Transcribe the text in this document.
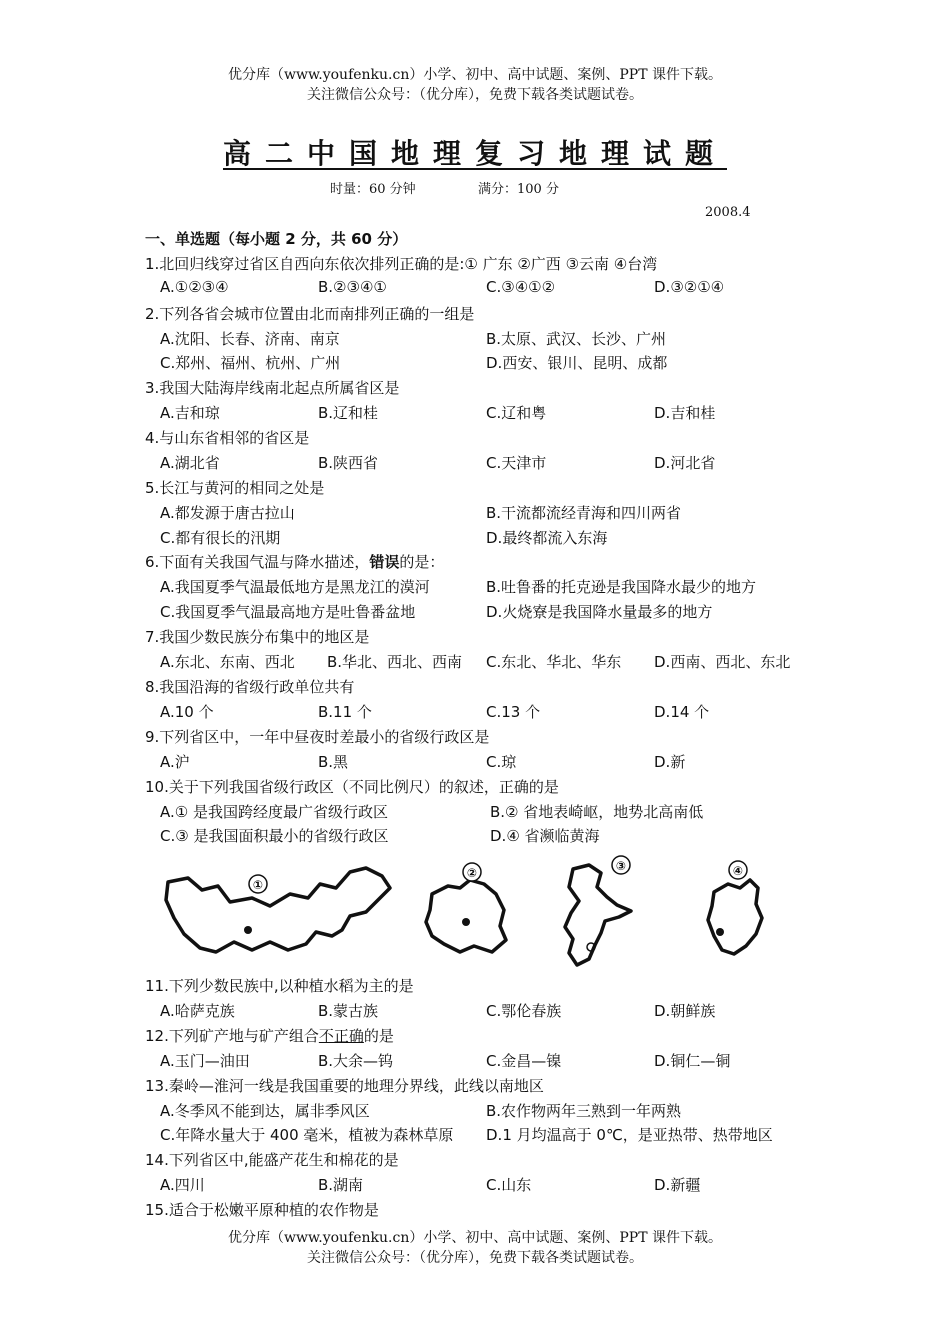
优分库（www.youfenku.cn）小学、初中、高中试题、案例、PPT 课件下载。
关注微信公众号：（优分库），免费下载各类试题试卷。
高二中国地理复习地理试题
时量：60 分钟	满分：100 分
2008.4
一、单选题（每小题 2 分，共 60 分）
1.北回归线穿过省区自西向东依次排列正确的是:① 广东 ②广西 ③云南 ④台湾
A.①②③④	B.②③④①	C.③④①②	D.③②①④
2.下列各省会城市位置由北而南排列正确的一组是
A.沈阳、长春、济南、南京	B.太原、武汉、长沙、广州
C.郑州、福州、杭州、广州	D.西安、银川、昆明、成都
3.我国大陆海岸线南北起点所属省区是
A.吉和琼	B.辽和桂	C.辽和粤	D.吉和桂
4.与山东省相邻的省区是
A.湖北省	B.陕西省	C.天津市	D.河北省
5.长江与黄河的相同之处是
A.都发源于唐古拉山	B.干流都流经青海和四川两省
C.都有很长的汛期	D.最终都流入东海
6.下面有关我国气温与降水描述，错误的是：
A.我国夏季气温最低地方是黑龙江的漠河	B.吐鲁番的托克逊是我国降水最少的地方
C.我国夏季气温最高地方是吐鲁番盆地	D.火烧寮是我国降水量最多的地方
7.我国少数民族分布集中的地区是
A.东北、东南、西北 B.华北、西北、西南 C.东北、华北、华东 D.西南、西北、东北
8.我国沿海的省级行政单位共有
A.10 个	B.11 个	C.13 个	D.14 个
9.下列省区中，一年中昼夜时差最小的省级行政区是
A.沪	B.黑	C.琼	D.新
10.关于下列我国省级行政区（不同比例尺）的叙述，正确的是
A.① 是我国跨经度最广省级行政区	B.② 省地表崎岖，地势北高南低
C.③ 是我国面积最小的省级行政区	D.④ 省濒临黄海
①
②	③	④
11.下列少数民族中,以种植水稻为主的是
A.哈萨克族	B.蒙古族	C.鄂伦春族	D.朝鲜族
12.下列矿产地与矿产组合不正确的是
A.玉门—油田	B.大余—钨	C.金昌—镍	D.铜仁—铜
13.秦岭—淮河一线是我国重要的地理分界线，此线以南地区
A.冬季风不能到达，属非季风区	B.农作物两年三熟到一年两熟
C.年降水量大于 400 毫米，植被为森林草原 D.1 月均温高于 0℃，是亚热带、热带地区
14.下列省区中,能盛产花生和棉花的是
A.四川	B.湖南	C.山东	D.新疆
15.适合于松嫩平原种植的农作物是
优分库（www.youfenku.cn）小学、初中、高中试题、案例、PPT 课件下载。
关注微信公众号：（优分库），免费下载各类试题试卷。
